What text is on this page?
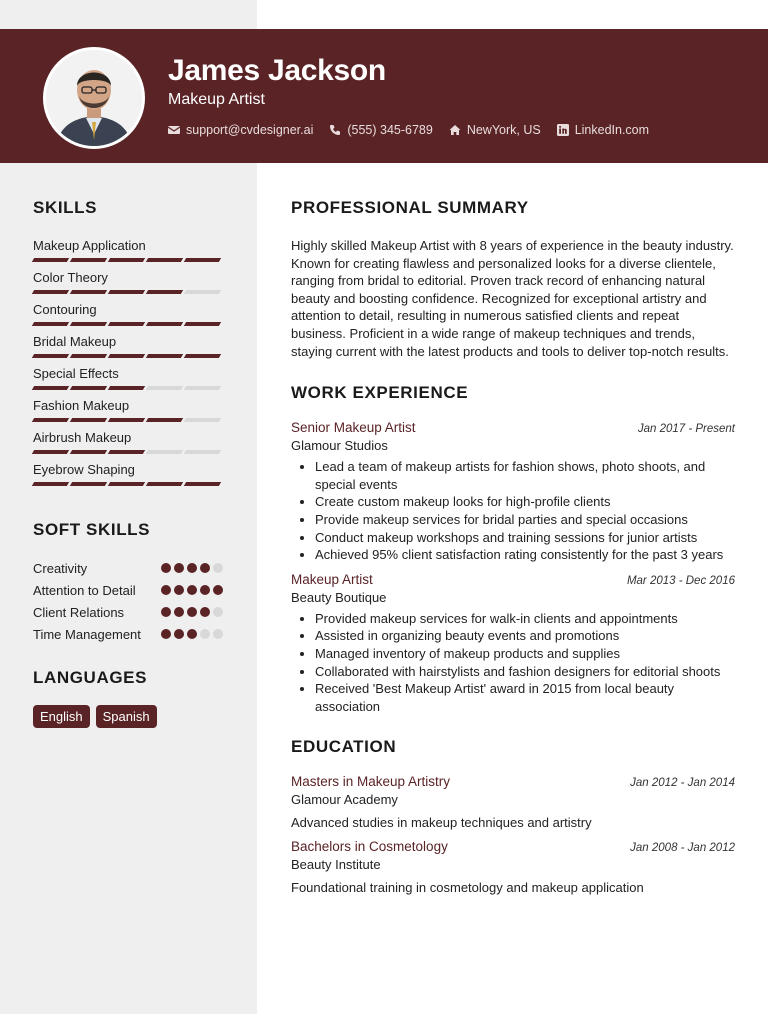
James Jackson
Makeup Artist
support@cvdesigner.ai	(555) 345-6789	NewYork, US	LinkedIn.com
SKILLS
Makeup Application
Color Theory
Contouring
Bridal Makeup
Special Effects
Fashion Makeup
Airbrush Makeup
Eyebrow Shaping
SOFT SKILLS
Creativity
Attention to Detail
Client Relations
Time Management
LANGUAGES
English	Spanish
PROFESSIONAL SUMMARY

Highly skilled Makeup Artist with 8 years of experience in the beauty industry. Known for creating flawless and personalized looks for a diverse clientele, ranging from bridal to editorial. Proven track record of enhancing natural beauty and boosting confidence. Recognized for exceptional artistry and attention to detail, resulting in numerous satisfied clients and repeat business. Proficient in a wide range of makeup techniques and trends, staying current with the latest products and tools to deliver top-notch results.

WORK EXPERIENCE
Senior Makeup Artist	Jan 2017 - Present
Glamour Studios
• Lead a team of makeup artists for fashion shows, photo shoots, and special events
• Create custom makeup looks for high-profile clients
• Provide makeup services for bridal parties and special occasions
• Conduct makeup workshops and training sessions for junior artists
• Achieved 95% client satisfaction rating consistently for the past 3 years
Makeup Artist	Mar 2013 - Dec 2016
Beauty Boutique
• Provided makeup services for walk-in clients and appointments
• Assisted in organizing beauty events and promotions
• Managed inventory of makeup products and supplies
• Collaborated with hairstylists and fashion designers for editorial shoots
• Received 'Best Makeup Artist' award in 2015 from local beauty association
EDUCATION
Masters in Makeup Artistry	Jan 2012 - Jan 2014
Glamour Academy
Advanced studies in makeup techniques and artistry
Bachelors in Cosmetology	Jan 2008 - Jan 2012
Beauty Institute
Foundational training in cosmetology and makeup application
